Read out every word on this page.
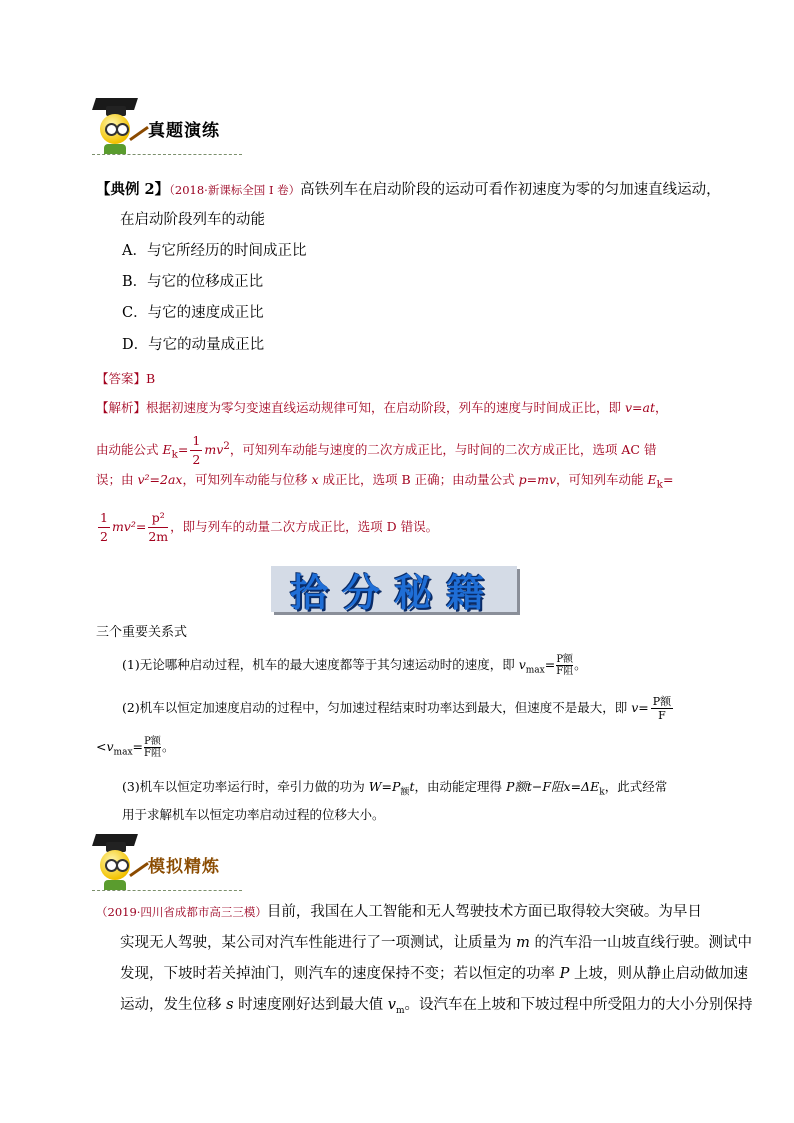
真题演练
【典例 2】（2018·新课标全国 I 卷）高铁列车在启动阶段的运动可看作初速度为零的匀加速直线运动，
在启动阶段列车的动能
A．与它所经历的时间成正比
B．与它的位移成正比
C．与它的速度成正比
D．与它的动量成正比
【答案】B
【解析】根据初速度为零匀变速直线运动规律可知，在启动阶段，列车的速度与时间成正比，即 v=at，
由动能公式 $E_k= \frac{1}{2} mv^2$，可知列车动能与速度的二次方成正比，与时间的二次方成正比，选项 AC 错
误；由 v²=2ax，可知列车动能与位移 x 成正比，选项 B 正确；由动量公式 p=mv，可知列车动能 $E_k=$
$\frac{1}{2} mv^2= \frac{\text{p²}}{2m}$ ，即与列车的动量二次方成正比，选项 D 错误。
拾分秘籍
三个重要关系式
(1)无论哪种启动过程，机车的最大速度都等于其匀速运动时的速度，即 $v_{max}= P$额
F阻 。
(2)机车以恒定加速度启动的过程中，匀加速过程结束时功率达到最大，但速度不是最大，即 $v= \frac{\text{P额}}{F}$
$<v_{max}= P$额
F阻 。
(3)机车以恒定功率运行时，牵引力做的功为 $W=P_额t$，由动能定理得 P额t−F阻$x=\Delta E_k$，此式经常
用于求解机车以恒定功率启动过程的位移大小。
模拟精炼
（2019·四川省成都市高三三模）目前，我国在人工智能和无人驾驶技术方面已取得较大突破。为早日
实现无人驾驶，某公司对汽车性能进行了一项测试，让质量为 m 的汽车沿一山坡直线行驶。测试中
发现，下坡时若关掉油门，则汽车的速度保持不变；若以恒定的功率 P 上坡，则从静止启动做加速
运动，发生位移 s 时速度刚好达到最大值 $v_m$。设汽车在上坡和下坡过程中所受阻力的大小分别保持
